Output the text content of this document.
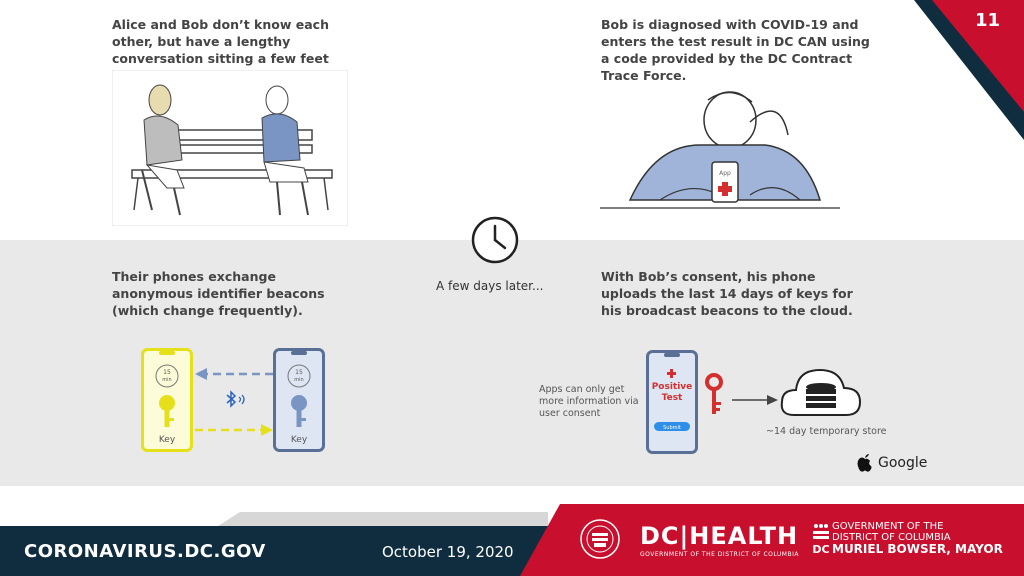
11
Alice and Bob don’t know each other, but have a lengthy conversation sitting a few feet
Bob is diagnosed with COVID-19 and enters the test result in DC CAN using a code provided by the DC Contract Trace Force.
App
A few days later...
Their phones exchange anonymous identifier beacons (which change frequently).
15
min
Key
15
min
Key
With Bob’s consent, his phone uploads the last 14 days of keys for his broadcast beacons to the cloud.
Apps can only get
more information via
user consent
Positive
Test
Submit	~14 day temporary store
Google
CORONAVIRUS.DC.GOV	October 19, 2020
DC|HEALTH
GOVERNMENT OF THE DISTRICT OF COLUMBIA DC
GOVERNMENT OF THE
DISTRICT OF COLUMBIA
MURIEL BOWSER, MAYOR
